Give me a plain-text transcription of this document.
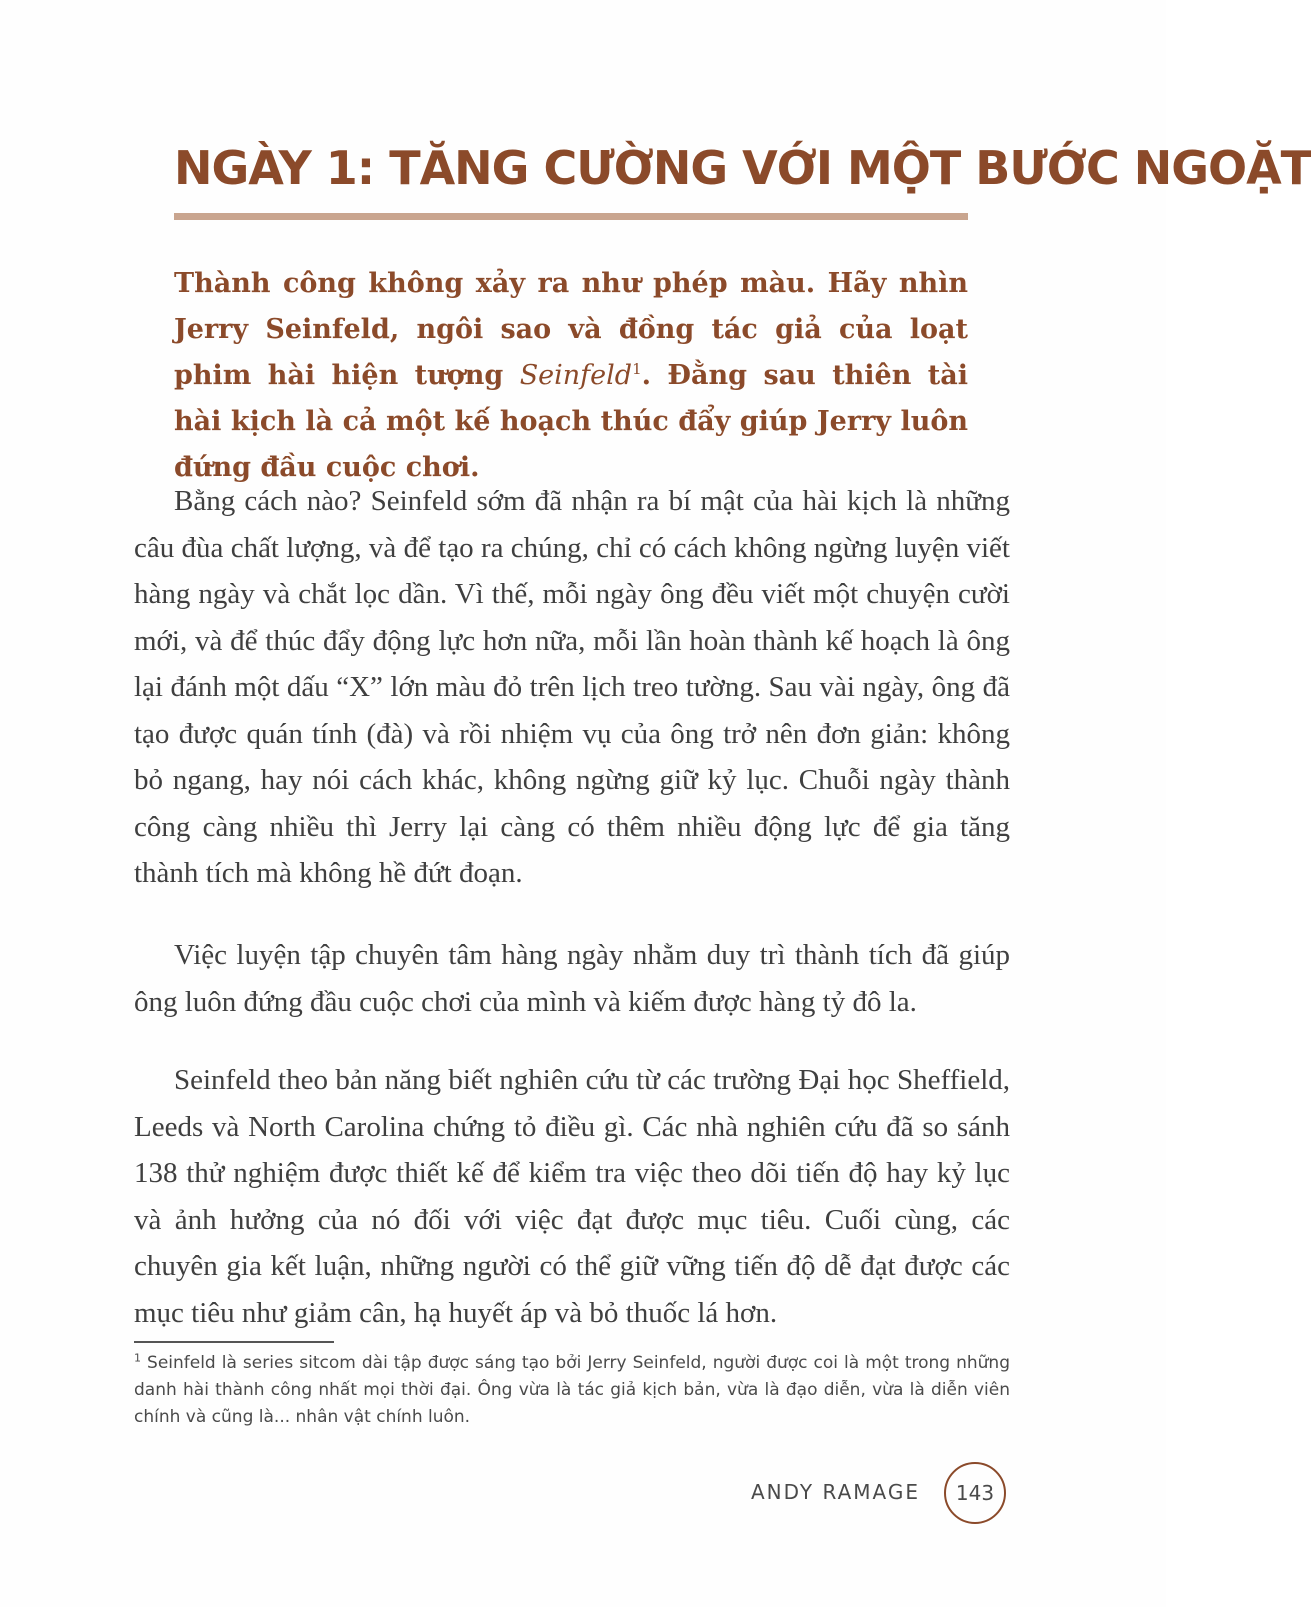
NGÀY 1: TĂNG CƯỜNG VỚI MỘT BƯỚC NGOẶT

Thành công không xảy ra như phép màu. Hãy nhìn Jerry Seinfeld, ngôi sao và đồng tác giả của loạt phim hài hiện tượng Seinfeld$^1$. Đằng sau thiên tài hài kịch là cả một kế hoạch thúc đẩy giúp Jerry luôn đứng đầu cuộc chơi.

Bằng cách nào? Seinfeld sớm đã nhận ra bí mật của hài kịch là những câu đùa chất lượng, và để tạo ra chúng, chỉ có cách không ngừng luyện viết hàng ngày và chắt lọc dần. Vì thế, mỗi ngày ông đều viết một chuyện cười mới, và để thúc đẩy động lực hơn nữa, mỗi lần hoàn thành kế hoạch là ông lại đánh một dấu “X” lớn màu đỏ trên lịch treo tường. Sau vài ngày, ông đã tạo được quán tính (đà) và rồi nhiệm vụ của ông trở nên đơn giản: không bỏ ngang, hay nói cách khác, không ngừng giữ kỷ lục. Chuỗi ngày thành công càng nhiều thì Jerry lại càng có thêm nhiều động lực để gia tăng thành tích mà không hề đứt đoạn.

Việc luyện tập chuyên tâm hàng ngày nhằm duy trì thành tích đã giúp ông luôn đứng đầu cuộc chơi của mình và kiếm được hàng tỷ đô la.

Seinfeld theo bản năng biết nghiên cứu từ các trường Đại học Sheffield, Leeds và North Carolina chứng tỏ điều gì. Các nhà nghiên cứu đã so sánh 138 thử nghiệm được thiết kế để kiểm tra việc theo dõi tiến độ hay kỷ lục và ảnh hưởng của nó đối với việc đạt được mục tiêu. Cuối cùng, các chuyên gia kết luận, những người có thể giữ vững tiến độ dễ đạt được các mục tiêu như giảm cân, hạ huyết áp và bỏ thuốc lá hơn.

$^1$ Seinfeld là series sitcom dài tập được sáng tạo bởi Jerry Seinfeld, người được coi là một trong những danh hài thành công nhất mọi thời đại. Ông vừa là tác giả kịch bản, vừa là đạo diễn, vừa là diễn viên chính và cũng là... nhân vật chính luôn.

ANDY RAMAGE 143
